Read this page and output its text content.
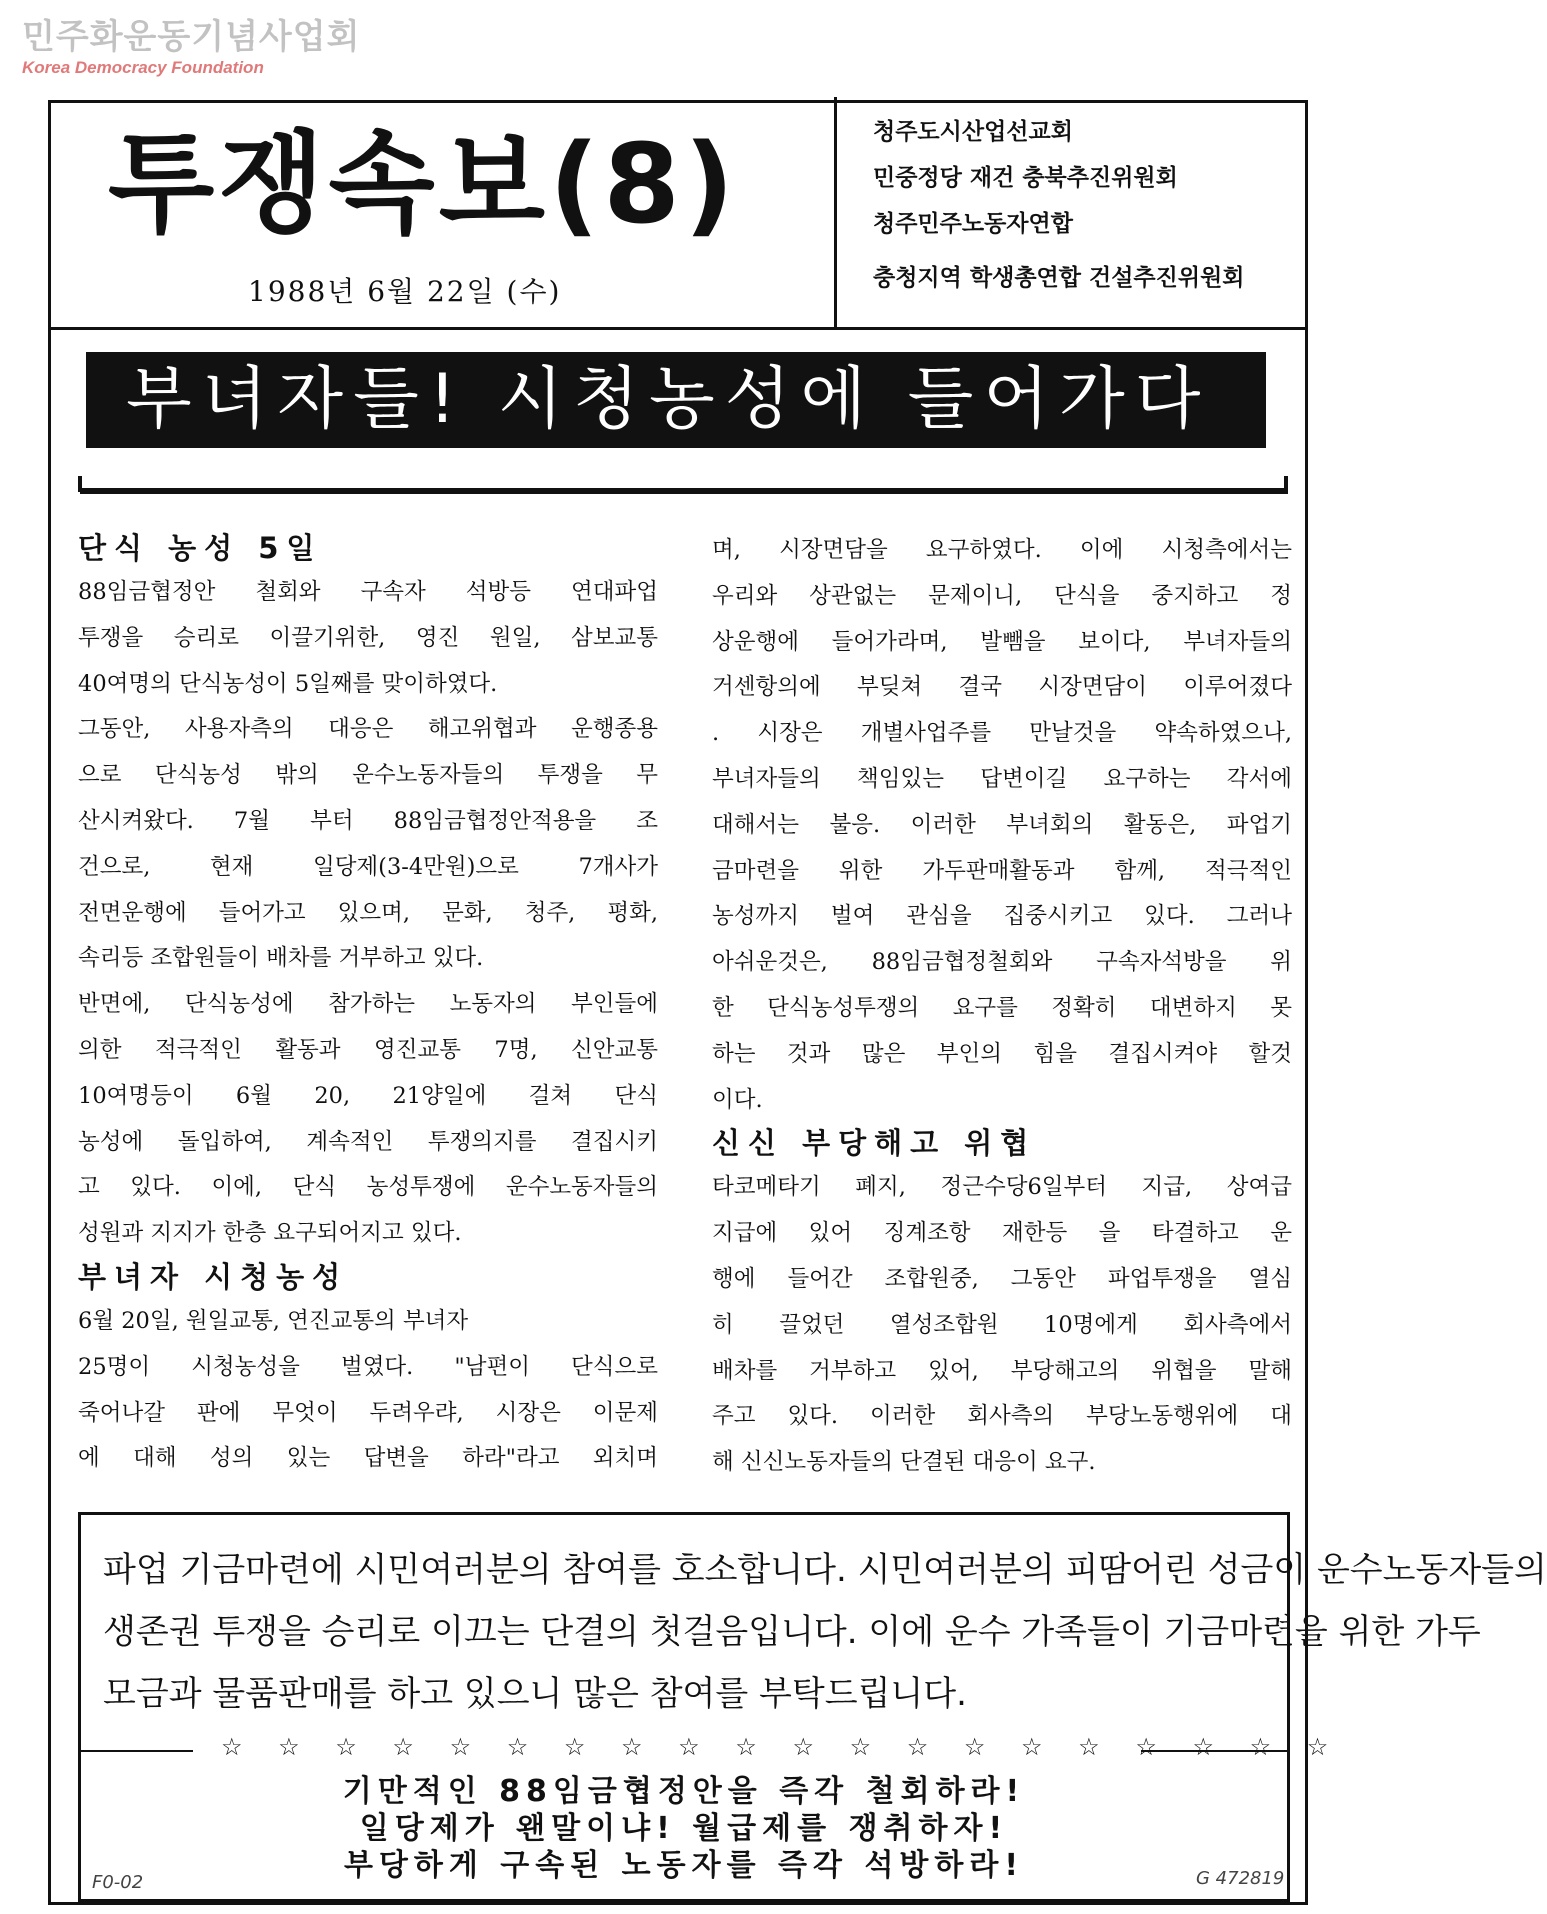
민주화운동기념사업회
Korea Democracy Foundation
투쟁속보(8)
1988년 6월 22일 (수)
청주도시산업선교회
민중정당 재건 충북추진위원회
청주민주노동자연합
충청지역 학생총연합 건설추진위원회
부녀자들! 시청농성에 들어가다
단식 농성 5일

88임금협정안 철회와 구속자 석방등 연대파업

투쟁을 승리로 이끌기위한, 영진 원일, 삼보교통

40여명의 단식농성이 5일째를 맞이하였다.

그동안, 사용자측의 대응은 해고위협과 운행종용

으로 단식농성 밖의 운수노동자들의 투쟁을 무

산시켜왔다. 7월 부터 88임금협정안적용을 조

건으로, 현재 일당제(3-4만원)으로 7개사가

전면운행에 들어가고 있으며, 문화, 청주, 평화,

속리등 조합원들이 배차를 거부하고 있다.

반면에, 단식농성에 참가하는 노동자의 부인들에

의한 적극적인 활동과 영진교통 7명, 신안교통

10여명등이 6월 20, 21양일에 걸쳐 단식

농성에 돌입하여, 계속적인 투쟁의지를 결집시키

고 있다. 이에, 단식 농성투쟁에 운수노동자들의

성원과 지지가 한층 요구되어지고 있다.

부녀자 시청농성

6월 20일, 원일교통, 연진교통의 부녀자

25명이 시청농성을 벌였다. "남편이 단식으로

죽어나갈 판에 무엇이 두려우랴, 시장은 이문제

에 대해 성의 있는 답변을 하라"라고 외치며

며, 시장면담을 요구하였다. 이에 시청측에서는

우리와 상관없는 문제이니, 단식을 중지하고 정

상운행에 들어가라며, 발뺌을 보이다, 부녀자들의

거센항의에 부딪쳐 결국 시장면담이 이루어졌다

. 시장은 개별사업주를 만날것을 약속하였으나,

부녀자들의 책임있는 답변이길 요구하는 각서에

대해서는 불응. 이러한 부녀회의 활동은, 파업기

금마련을 위한 가두판매활동과 함께, 적극적인

농성까지 벌여 관심을 집중시키고 있다. 그러나

아쉬운것은, 88임금협정철회와 구속자석방을 위

한 단식농성투쟁의 요구를 정확히 대변하지 못

하는 것과 많은 부인의 힘을 결집시켜야 할것

이다.

신신 부당해고 위협

타코메타기 폐지, 정근수당6일부터 지급, 상여급

지급에 있어 징계조항 재한등 을 타결하고 운

행에 들어간 조합원중, 그동안 파업투쟁을 열심

히 끌었던 열성조합원 10명에게 회사측에서

배차를 거부하고 있어, 부당해고의 위협을 말해

주고 있다. 이러한 회사측의 부당노동행위에 대

해 신신노동자들의 단결된 대응이 요구.

파업 기금마련에 시민여러분의 참여를 호소합니다. 시민여러분의 피땀어린 성금이 운수노동자들의

생존권 투쟁을 승리로 이끄는 단결의 첫걸음입니다. 이에 운수 가족들이 기금마련을 위한 가두

모금과 물품판매를 하고 있으니 많은 참여를 부탁드립니다.

☆ ☆ ☆ ☆ ☆ ☆ ☆ ☆ ☆ ☆ ☆ ☆ ☆ ☆ ☆ ☆ ☆ ☆ ☆ ☆
기만적인 88임금협정안을 즉각 철회하라!
일당제가 왠말이냐! 월급제를 쟁취하자!
부당하게 구속된 노동자를 즉각 석방하라!
F0-02	G 472819
